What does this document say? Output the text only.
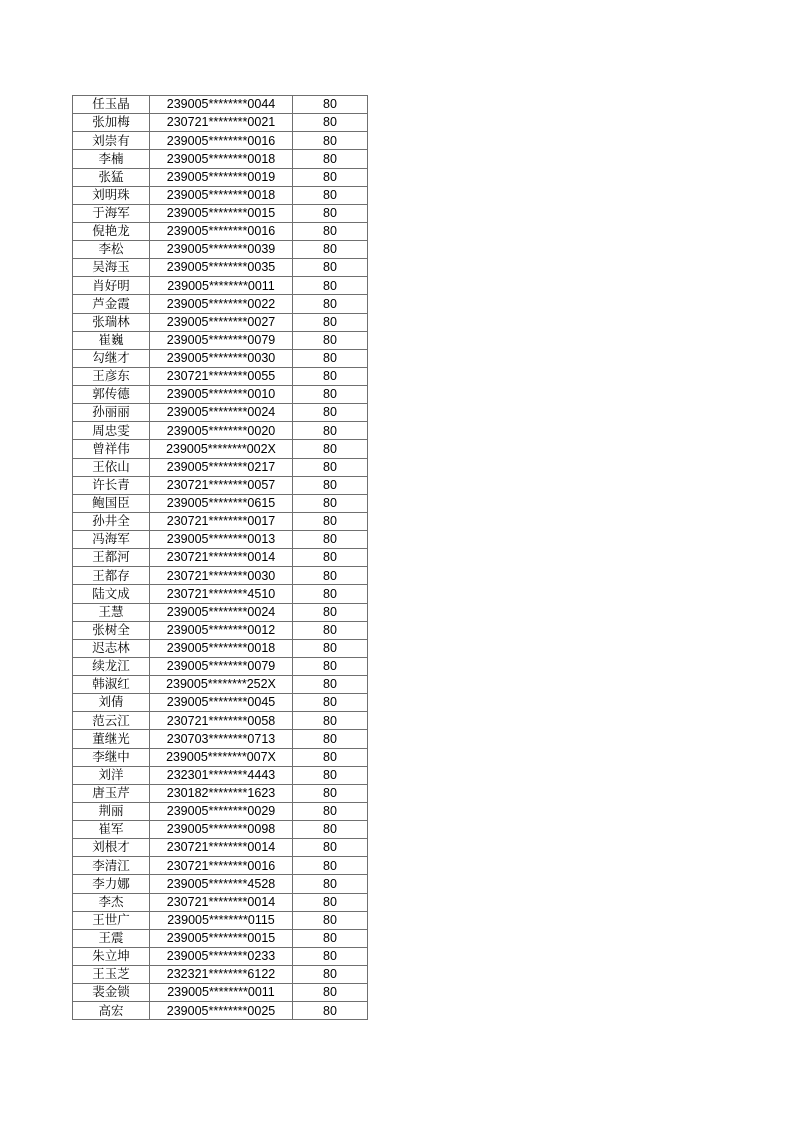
任玉晶	239005********0044	80
张加梅	230721********0021	80
刘崇有	239005********0016	80
李楠	239005********0018	80
张猛	239005********0019	80
刘明珠	239005********0018	80
于海军	239005********0015	80
倪艳龙	239005********0016	80
李松	239005********0039	80
吴海玉	239005********0035	80
肖好明	239005********0011	80
芦金霞	239005********0022	80
张瑞林	239005********0027	80
崔巍	239005********0079	80
勾继才	239005********0030	80
王彦东	230721********0055	80
郭传德	239005********0010	80
孙丽丽	239005********0024	80
周忠雯	239005********0020	80
曾祥伟	239005********002X	80
王依山	239005********0217	80
许长青	230721********0057	80
鲍国臣	239005********0615	80
孙井全	230721********0017	80
冯海军	239005********0013	80
王都河	230721********0014	80
王都存	230721********0030	80
陆文成	230721********4510	80
王慧	239005********0024	80
张树全	239005********0012	80
迟志林	239005********0018	80
续龙江	239005********0079	80
韩淑红	239005********252X	80
刘倩	239005********0045	80
范云江	230721********0058	80
董继光	230703********0713	80
李继中	239005********007X	80
刘洋	232301********4443	80
唐玉芹	230182********1623	80
荆丽	239005********0029	80
崔军	239005********0098	80
刘根才	230721********0014	80
李清江	230721********0016	80
李力娜	239005********4528	80
李杰	230721********0014	80
王世广	239005********0115	80
王震	239005********0015	80
朱立坤	239005********0233	80
王玉芝	232321********6122	80
裴金锁	239005********0011	80
高宏	239005********0025	80
